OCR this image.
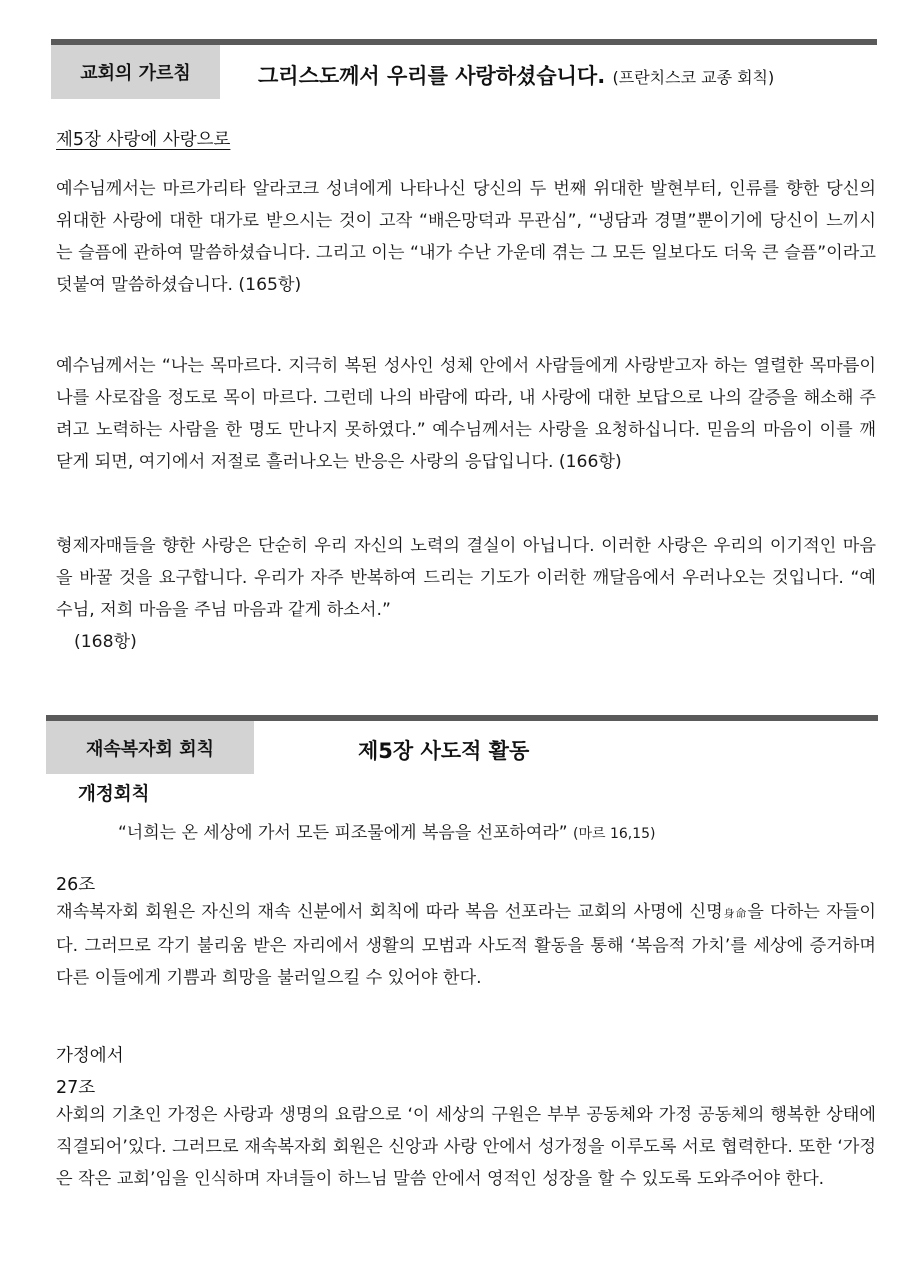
교회의 가르침	그리스도께서 우리를 사랑하셨습니다. (프란치스코 교종 회칙)
제5장 사랑에 사랑으로
예수님께서는 마르가리타 알라코크 성녀에게 나타나신 당신의 두 번째 위대한 발현부터, 인류를 향한 당신의 위대한 사랑에 대한 대가로 받으시는 것이 고작 “배은망덕과 무관심”, “냉담과 경멸”뿐이기에 당신이 느끼시는 슬픔에 관하여 말씀하셨습니다. 그리고 이는 “내가 수난 가운데 겪는 그 모든 일보다도 더욱 큰 슬픔”이라고 덧붙여 말씀하셨습니다. (165항)
예수님께서는 “나는 목마르다. 지극히 복된 성사인 성체 안에서 사람들에게 사랑받고자 하는 열렬한 목마름이 나를 사로잡을 정도로 목이 마르다. 그런데 나의 바람에 따라, 내 사랑에 대한 보답으로 나의 갈증을 해소해 주려고 노력하는 사람을 한 명도 만나지 못하였다.” 예수님께서는 사랑을 요청하십니다. 믿음의 마음이 이를 깨닫게 되면, 여기에서 저절로 흘러나오는 반응은 사랑의 응답입니다. (166항)
형제자매들을 향한 사랑은 단순히 우리 자신의 노력의 결실이 아닙니다. 이러한 사랑은 우리의 이기적인 마음을 바꿀 것을 요구합니다. 우리가 자주 반복하여 드리는 기도가 이러한 깨달음에서 우러나오는 것입니다. “예수님, 저희 마음을 주님 마음과 같게 하소서.”
(168항)
재속복자회 회칙	제5장 사도적 활동
개정회칙
“너희는 온 세상에 가서 모든 피조물에게 복음을 선포하여라” (마르 16,15)
26조
재속복자회 회원은 자신의 재속 신분에서 회칙에 따라 복음 선포라는 교회의 사명에 신명身命을 다하는 자들이다. 그러므로 각기 불리움 받은 자리에서 생활의 모범과 사도적 활동을 통해 ‘복음적 가치’를 세상에 증거하며 다른 이들에게 기쁨과 희망을 불러일으킬 수 있어야 한다.
가정에서
27조
사회의 기초인 가정은 사랑과 생명의 요람으로 ‘이 세상의 구원은 부부 공동체와 가정 공동체의 행복한 상태에 직결되어’있다. 그러므로 재속복자회 회원은 신앙과 사랑 안에서 성가정을 이루도록 서로 협력한다. 또한 ‘가정은 작은 교회’임을 인식하며 자녀들이 하느님 말씀 안에서 영적인 성장을 할 수 있도록 도와주어야 한다.
